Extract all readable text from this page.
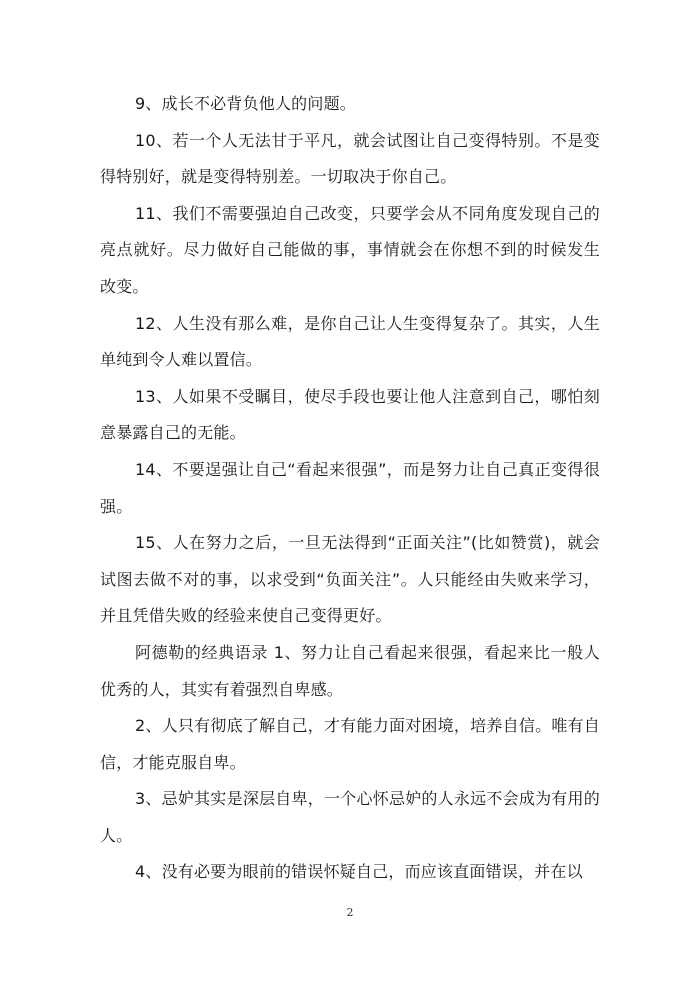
9、成长不必背负他人的问题。

10、若一个人无法甘于平凡，就会试图让自己变得特别。不是变得特别好，就是变得特别差。一切取决于你自己。

11、我们不需要强迫自己改变，只要学会从不同角度发现自己的亮点就好。尽力做好自己能做的事，事情就会在你想不到的时候发生改变。

12、人生没有那么难，是你自己让人生变得复杂了。其实，人生单纯到令人难以置信。

13、人如果不受瞩目，使尽手段也要让他人注意到自己，哪怕刻意暴露自己的无能。

14、不要逞强让自己“看起来很强”，而是努力让自己真正变得很强。

15、人在努力之后，一旦无法得到“正面关注”(比如赞赏)，就会试图去做不对的事，以求受到“负面关注”。人只能经由失败来学习，并且凭借失败的经验来使自己变得更好。

阿德勒的经典语录 1、努力让自己看起来很强，看起来比一般人优秀的人，其实有着强烈自卑感。

2、人只有彻底了解自己，才有能力面对困境，培养自信。唯有自信，才能克服自卑。

3、忌妒其实是深层自卑，一个心怀忌妒的人永远不会成为有用的人。

4、没有必要为眼前的错误怀疑自己，而应该直面错误，并在以

2
